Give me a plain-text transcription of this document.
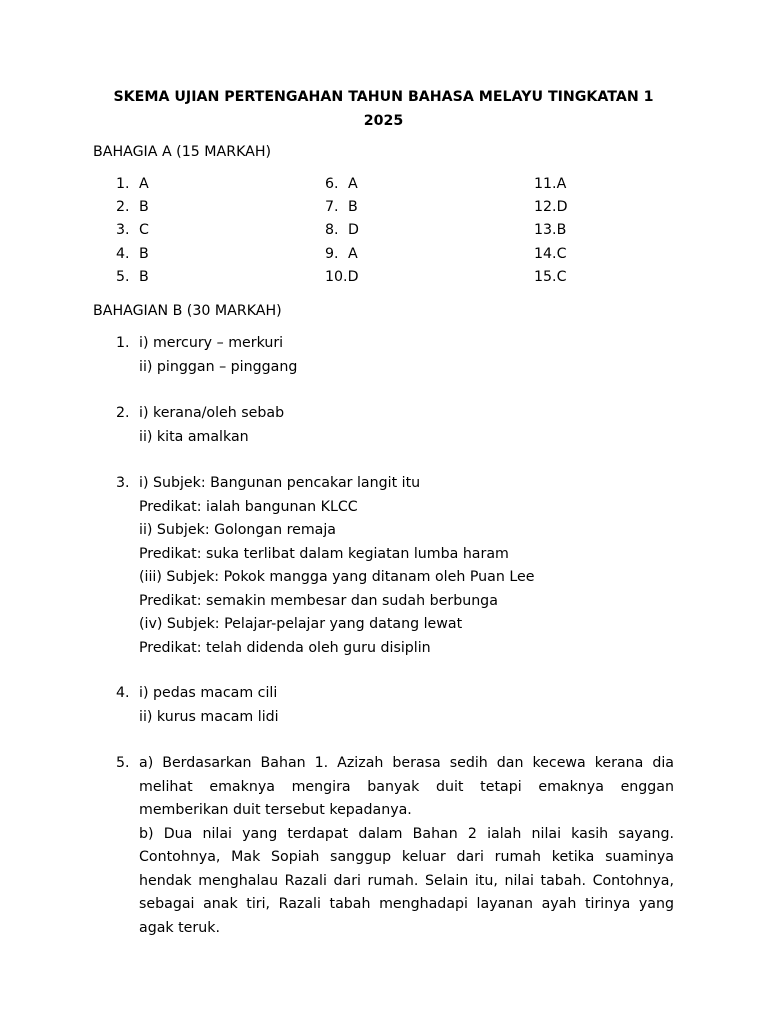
SKEMA UJIAN PERTENGAHAN TAHUN BAHASA MELAYU TINGKATAN 1 2025
BAHAGIA A (15 MARKAH)
1. A
2. B
3. C
4. B
5. B
6. A
7. B
8. D
9. A
10.D
11.A
12.D
13.B
14.C
15.C
BAHAGIAN B (30 MARKAH)
1. i) mercury – merkuri
ii) pinggan – pinggang
2. i) kerana/oleh sebab
ii) kita amalkan
3. i) Subjek: Bangunan pencakar langit itu
Predikat: ialah bangunan KLCC
ii) Subjek: Golongan remaja
Predikat: suka terlibat dalam kegiatan lumba haram
(iii) Subjek: Pokok mangga yang ditanam oleh Puan Lee
Predikat: semakin membesar dan sudah berbunga
(iv) Subjek: Pelajar-pelajar yang datang lewat
Predikat: telah didenda oleh guru disiplin
4. i) pedas macam cili
ii) kurus macam lidi
5. a) Berdasarkan Bahan 1. Azizah berasa sedih dan kecewa kerana dia
melihat emaknya mengira banyak duit tetapi emaknya enggan
memberikan duit tersebut kepadanya.
b) Dua nilai yang terdapat dalam Bahan 2 ialah nilai kasih sayang.
Contohnya, Mak Sopiah sanggup keluar dari rumah ketika suaminya
hendak menghalau Razali dari rumah. Selain itu, nilai tabah. Contohnya,
sebagai anak tiri, Razali tabah menghadapi layanan ayah tirinya yang
agak teruk.
